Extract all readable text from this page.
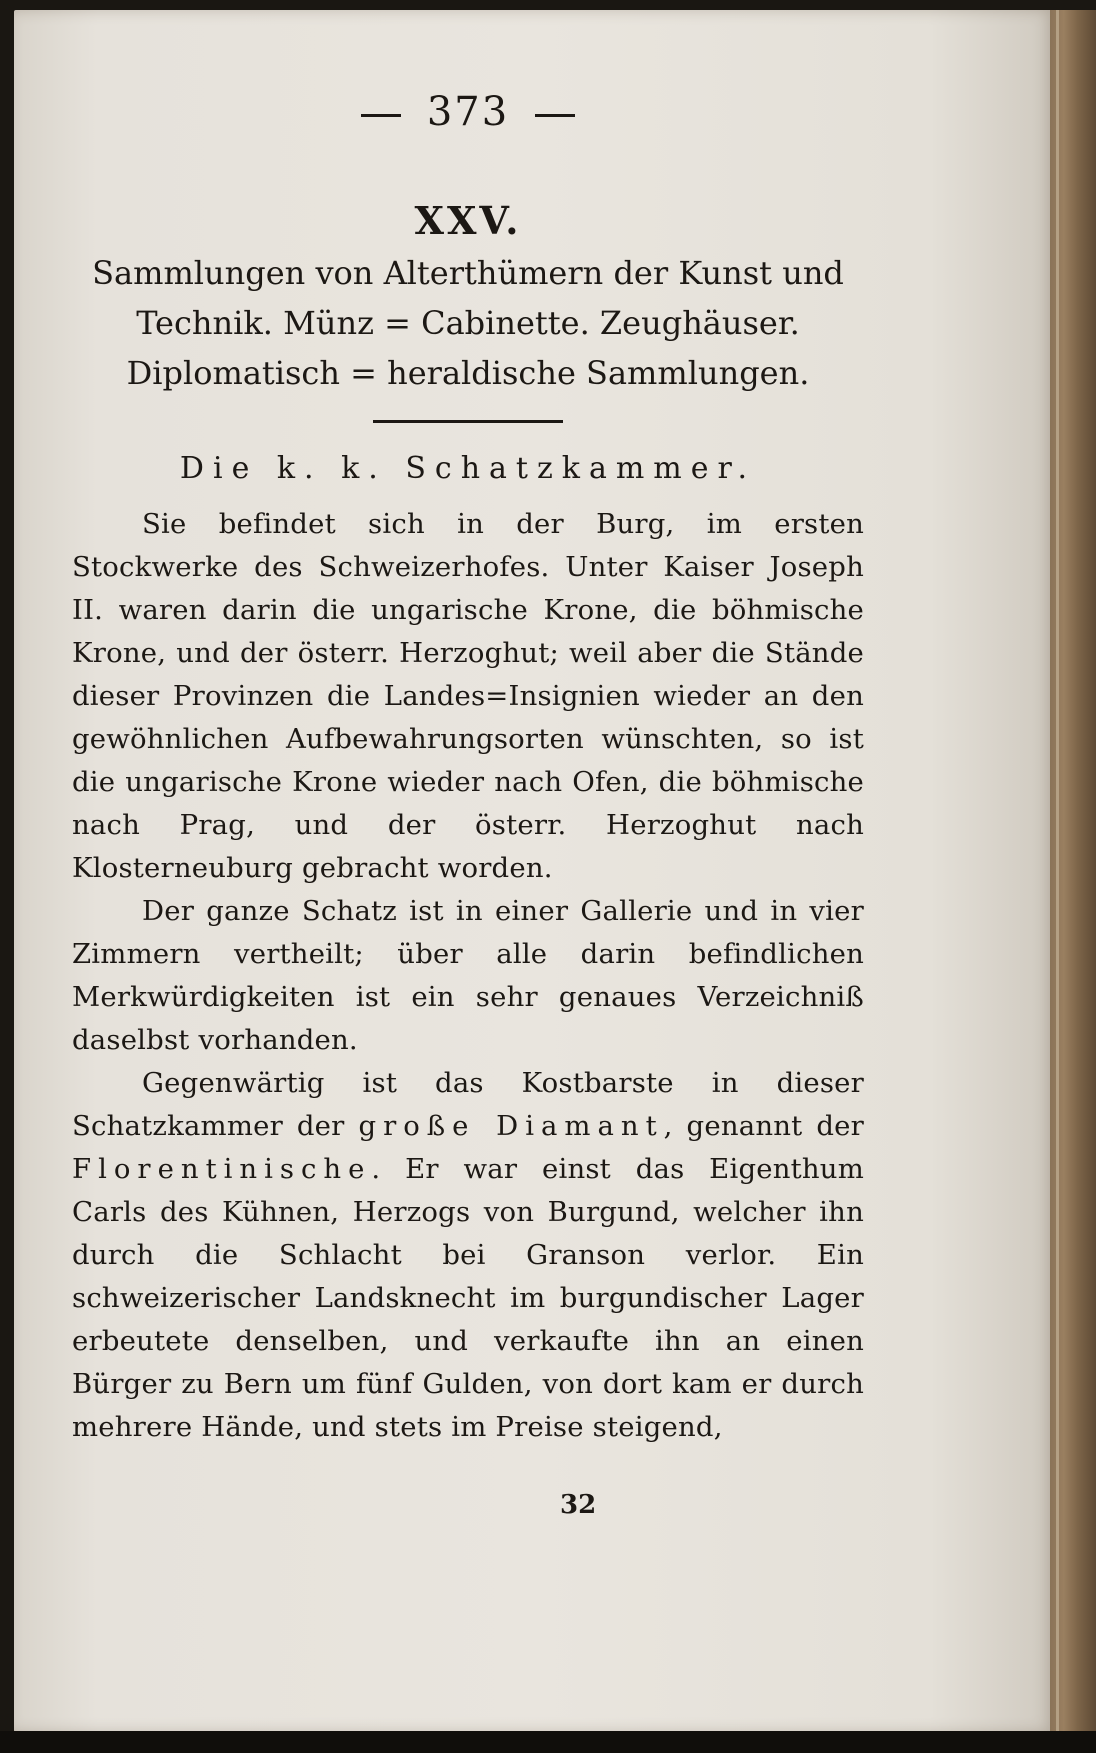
373
XXV.
Sammlungen von Alterthümern der Kunst und Technik. Münz = Cabinette. Zeughäuser. Diplomatisch = heraldische Sammlungen.
Die k. k. Schatzkammer.

Sie befindet sich in der Burg, im ersten Stockwerke des Schweizerhofes. Unter Kaiser Joseph II. waren darin die ungarische Krone, die böhmische Krone, und der österr. Herzoghut; weil aber die Stände dieser Provinzen die Landes=Insignien wieder an den gewöhnlichen Aufbewahrungsorten wünschten, so ist die ungarische Krone wieder nach Ofen, die böhmische nach Prag, und der österr. Herzoghut nach Klosterneuburg gebracht worden.

Der ganze Schatz ist in einer Gallerie und in vier Zimmern vertheilt; über alle darin befindlichen Merkwürdigkeiten ist ein sehr genaues Verzeichniß daselbst vorhanden.

Gegenwärtig ist das Kostbarste in dieser Schatzkammer der große Diamant, genannt der Florentinische. Er war einst das Eigenthum Carls des Kühnen, Herzogs von Burgund, welcher ihn durch die Schlacht bei Granson verlor. Ein schweizerischer Landsknecht im burgundischer Lager erbeutete denselben, und verkaufte ihn an einen Bürger zu Bern um fünf Gulden, von dort kam er durch mehrere Hände, und stets im Preise steigend,

32
